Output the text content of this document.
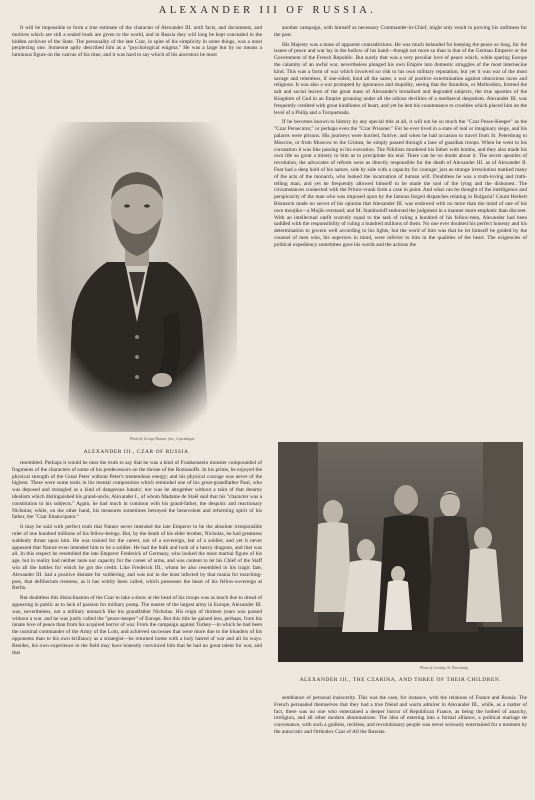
ALEXANDER III OF RUSSIA.

It will be impossible to form a true estimate of the character of Alexander III. until facts, and documents, and motives which are still a sealed book are given to the world, and in Russia they will long be kept concealed in the hidden archives of the State. The personality of the late Czar, in spite of his simplicity in some things, was a most perplexing one. Someone aptly described him as a "psychological enigma." He was a large but by no means a luminous figure on the canvas of his time, and it was hard to say which of his ancestors he most

Photo by George Hansen, fine., Copenhagen.
ALEXANDER III., CZAR OF RUSSIA.

another campaign, with himself as necessary Commander-in-Chief, might only result in proving his unfitness for the post.

His Majesty was a mass of apparent contradictions. He was much belauded for keeping the peace so long, for the issues of peace and war lay in the hollow of his hand—though not more so than is that of the German Emperor or the Government of the French Republic. But surely that was a very peculiar love of peace which, while sparing Europe the calamity of an awful war, nevertheless plunged his own Empire into domestic struggles of the most internecine kind. This was a form of war which involved no risk to his own military reputation, but yet it was war of the most savage and relentless, if one-sided, kind all the same, a war of positive extermination against obnoxious races and religions. It was also a war prompted by ignorance and stupidity, seeing that the Stundists, or Methodists, formed the salt and social leaven of the great mass of Alexander's brutalised and degraded subjects, the true apostles of the Kingdom of God in an Empire groaning under all the odious devilries of a mediaeval despotism. Alexander III. was frequently credited with great kindliness of heart, and yet he lent his countenance to cruelties which placed him on the level of a Philip and a Torquemada.

If he becomes known to history by any special title at all, it will not be so much the "Czar Peace-Keeper" as the "Czar Persecutor," or perhaps even the "Czar Prisoner." For he ever lived in a state of real or imaginary siege, and his palaces were prisons. His journeys were hurried, furtive; and when he had occasion to travel from St. Petersburg to Moscow, or from Moscow to the Crimea, he simply passed through a lane of guardian troops. When he went to his coronation it was like passing to his execution. The Nihilists murdered his father with bombs, and they also made his own life so great a misery to him as to precipitate his end. There can be no doubt about it. The secret apostles of revolution, the advocates of reform were as directly responsible for the death of Alexander III. as of Alexander II. Fear had a deep hold of his nature, side by side with a capacity for courage; just as strange irresolution marked many of the acts of the monarch, who looked the incarnation of human will. Doubtless he was a truth-loving and truth-telling man, and yet he frequently allowed himself to be made the tool of the lying and the dishonest. The circumstances connected with the Prince-vrank form a case in point. And what can be thought of the intelligence and perspicacity of the man who was imposed upon by the famous forged dispatches relating to Bulgaria? Count Herbert Bismarck made no secret of his opinion that Alexander III. was endowed with no more than the mind of one of his own moujiks—a Mujik-verstand; and M. Stambuloff endorsed the judgment in a manner more emphatic than discreet. With an intellectual outfit scarcely equal to the task of ruling a hundred of his fellow-men, Alexander had been saddled with the responsibility of ruling a hundred millions of them. No one ever doubted his perfect honesty and his determination to govern well according to his lights, but the word of him was that he let himself be guided by the counsel of men who, his superiors in mind, were inferior to him in the qualities of the heart. The exigencies of political expediency sometimes gave his words and the actions the

Photo by Levitsky, St. Petersburg.
ALEXANDER III., THE CZARINA, AND THREE OF THEIR CHILDREN.

resembled. Perhaps it would be near the truth to say that he was a kind of Frankenstein monster compounded of fragments of the characters of some of his predecessors on the throne of the Romanoffs. In his prime, he enjoyed the physical strength of the Great Peter without Peter's tremendous energy; and his physical courage was never of the highest. There were some traits in his mental composition which reminded one of his great-grandfather Paul, who was deposed and strangled as a kind of dangerous lunatic; nor was he altogether without a taint of that dreamy idealism which distinguished his grand-uncle, Alexander I., of whom Madame de Staël said that his "character was a constitution to his subjects." Again, he had much in common with his grand-father, the despotic and reactionary Nicholas; while, on the other hand, his measures sometimes betrayed the benevolent and reforming spirit of his father, the "Czar Emancipator."

It may be said with perfect truth that Nature never intended the late Emperor to be the absolute irresponsible ruler of one hundred millions of his fellow-beings. But, by the death of his elder brother, Nicholas, he had greatness suddenly thrust upon him. He was trained for the career, not of a sovereign, but of a soldier, and yet it never appeared that Nature even intended him to be a soldier. He had the bulk and look of a heavy dragoon, and that was all. In this respect he resembled the late Emperor Frederick of Germany, who looked the most martial figure of his age, but in reality had neither taste nor capacity for the career of arms, and was content to let his Chief of the Staff win all the battles for which he got the credit. Like Frederick III., whom he also resembled in his tragic fate, Alexander III. had a positive distaste for soldiering, and was not in the least infected by that mania for marching-post, that defilierium tremens, as it has wittily been called, which possesses the heart of his fellow-sovereign at Berlin.

But doubtless this disinclination of the Czar to take a show at the head of his troops was as much due to dread of appearing in public as to lack of passion for military pomp. The master of the largest army in Europe, Alexander III. was, nevertheless, not a military monarch like his grandfather Nicholas. His reign of thirteen years was passed without a war, and he was justly called the "peace-keeper" of Europe. But this title he gained less, perhaps, from his innate love of peace than from his acquired horror of war. From the campaign against Turkey—in which he had been the nominal commander of the Army of the Lom, and achieved successes that were more due to the blunders of his opponents than to his own brilliancy as a strategist—he returned home with a holy hatred of war and all its ways. Besides, his own experience in the field may have honestly convinced him that he had no great talent for war, and that

semblance of personal insincerity. This was the case, for instance, with the relations of France and Russia. The French persuaded themselves that they had a true friend and warm admirer in Alexander III., while, as a matter of fact, there was no one who entertained a deeper horror of Republican France, as being the hotbed of anarchy, irreligion, and all other modern abominations. The idea of entering into a formal alliance, a political mariage de convenance, with such a godless, reckless, and revolutionary people was never seriously entertained for a moment by the autocratic and Orthodox Czar of All the Russias.
